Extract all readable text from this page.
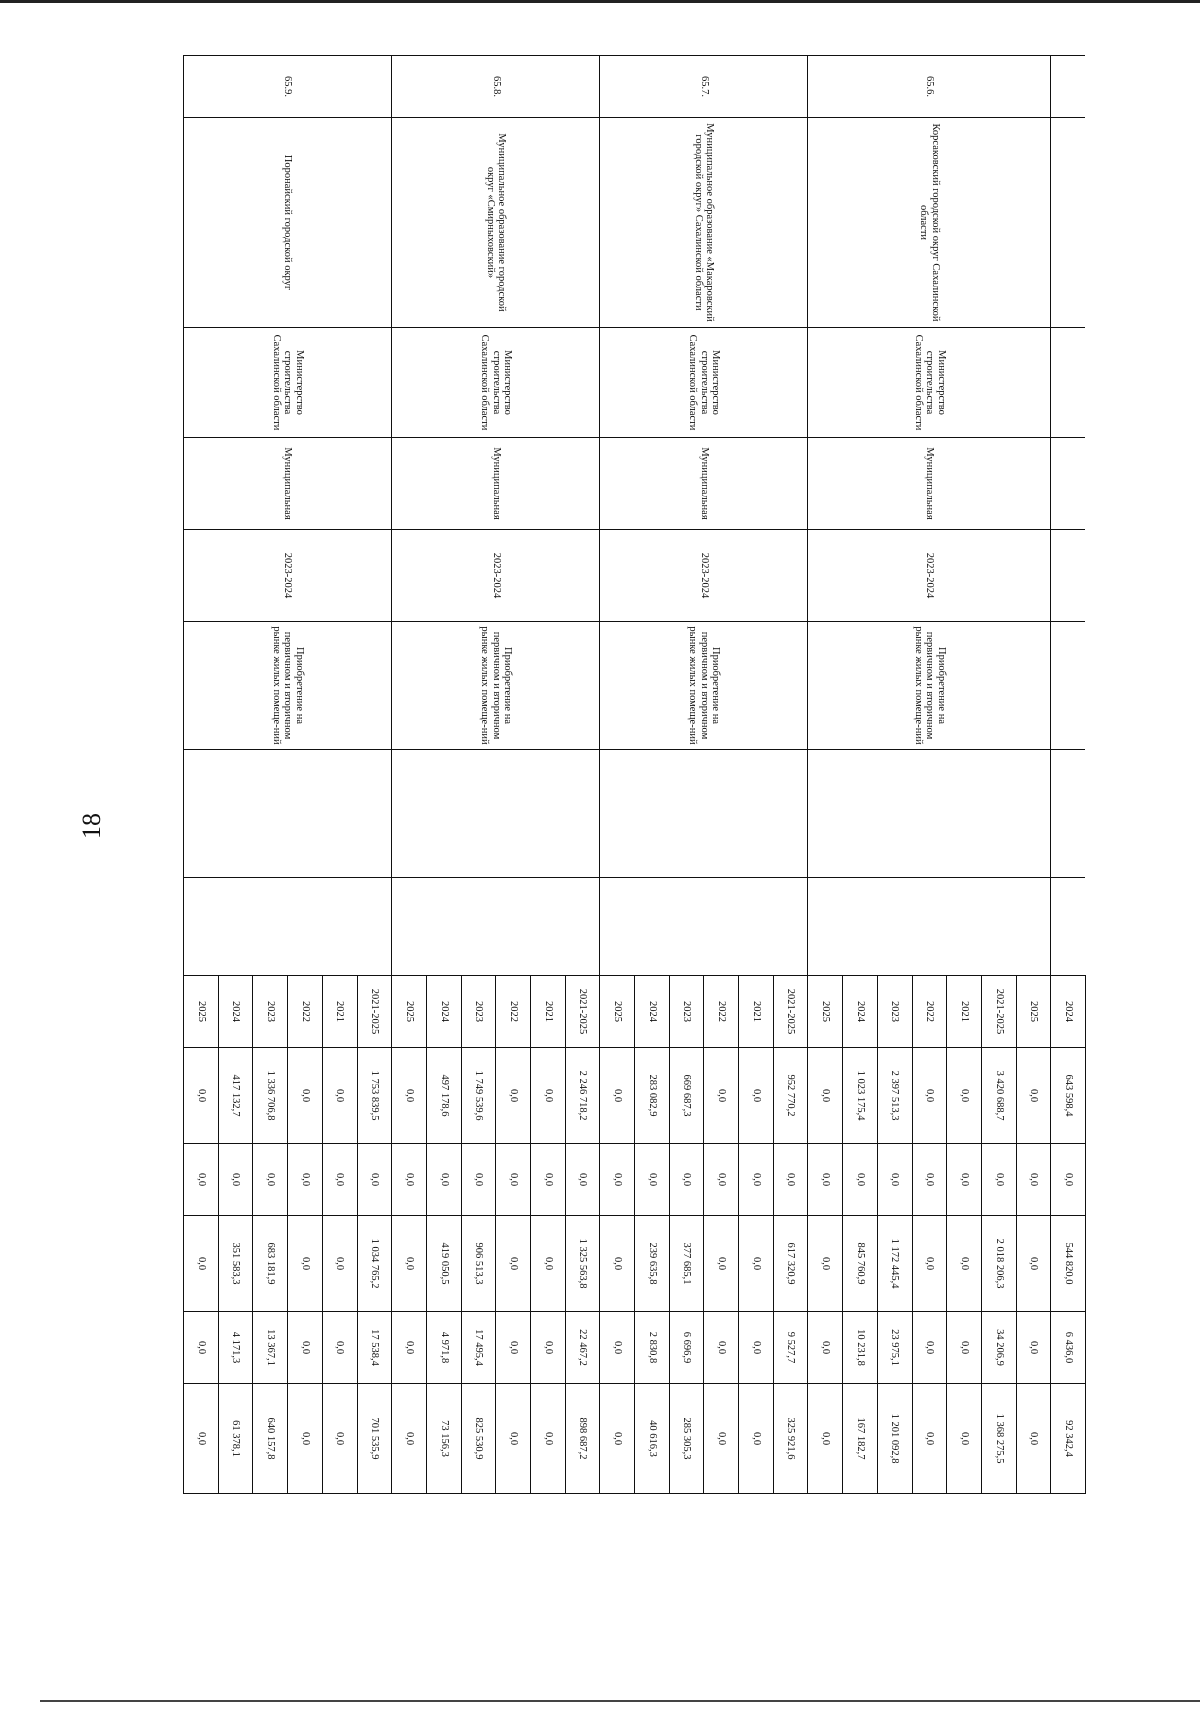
18
								2024	643 598,4	0,0	544 820,0	6 436,0	92 342,4
65.6.	Корсаковский городской округ Сахалинской области	Министерство строительства Сахалинской области	Муниципальная	2023-2024	Приобретение на первичном и вторичном рынке жилых помеще-ний			2025	0,0	0,0	0,0	0,0	0,0
								2021-2025	3 420 688,7	0,0	2 018 206,3	34 206,9	1 368 275,5
								2021	0,0	0,0	0,0	0,0	0,0
								2022	0,0	0,0	0,0	0,0	0,0
								2023	2 397 513,3	0,0	1 172 445,4	23 975,1	1 201 092,8
								2024	1 023 175,4	0,0	845 760,9	10 231,8	167 182,7
								2025	0,0	0,0	0,0	0,0	0,0
65.7.	Муниципальное образование «Макаровский городской округ» Сахалинской области	Министерство строительства Сахалинской области	Муниципальная	2023-2024	Приобретение на первичном и вторичном рынке жилых помеще-ний			2021-2025	952 770,2	0,0	617 320,9	9 527,7	325 921,6
								2021	0,0	0,0	0,0	0,0	0,0
								2022	0,0	0,0	0,0	0,0	0,0
								2023	669 687,3	0,0	377 685,1	6 696,9	285 305,3
								2024	283 082,9	0,0	239 635,8	2 830,8	40 616,3
								2025	0,0	0,0	0,0	0,0	0,0
65.8.	Муниципальное образование городской округ «Смирныховский»	Министерство строительства Сахалинской области	Муниципальная	2023-2024	Приобретение на первичном и вторичном рынке жилых помеще-ний			2021-2025	2 246 718,2	0,0	1 325 563,8	22 467,2	898 687,2
								2021	0,0	0,0	0,0	0,0	0,0
								2022	0,0	0,0	0,0	0,0	0,0
								2023	1 749 539,6	0,0	906 513,3	17 495,4	825 530,9
								2024	497 178,6	0,0	419 050,5	4 971,8	73 156,3
								2025	0,0	0,0	0,0	0,0	0,0
65.9.	Поронайский городской округ	Министерство строительства Сахалинской области	Муниципальная	2023-2024	Приобретение на первичном и вторичном рынке жилых помеще-ний			2021-2025	1 753 839,5	0,0	1 034 765,2	17 538,4	701 535,9
								2021	0,0	0,0	0,0	0,0	0,0
								2022	0,0	0,0	0,0	0,0	0,0
								2023	1 336 706,8	0,0	683 181,9	13 367,1	640 157,8
								2024	417 132,7	0,0	351 583,3	4 171,3	61 378,1
								2025	0,0	0,0	0,0	0,0	0,0
